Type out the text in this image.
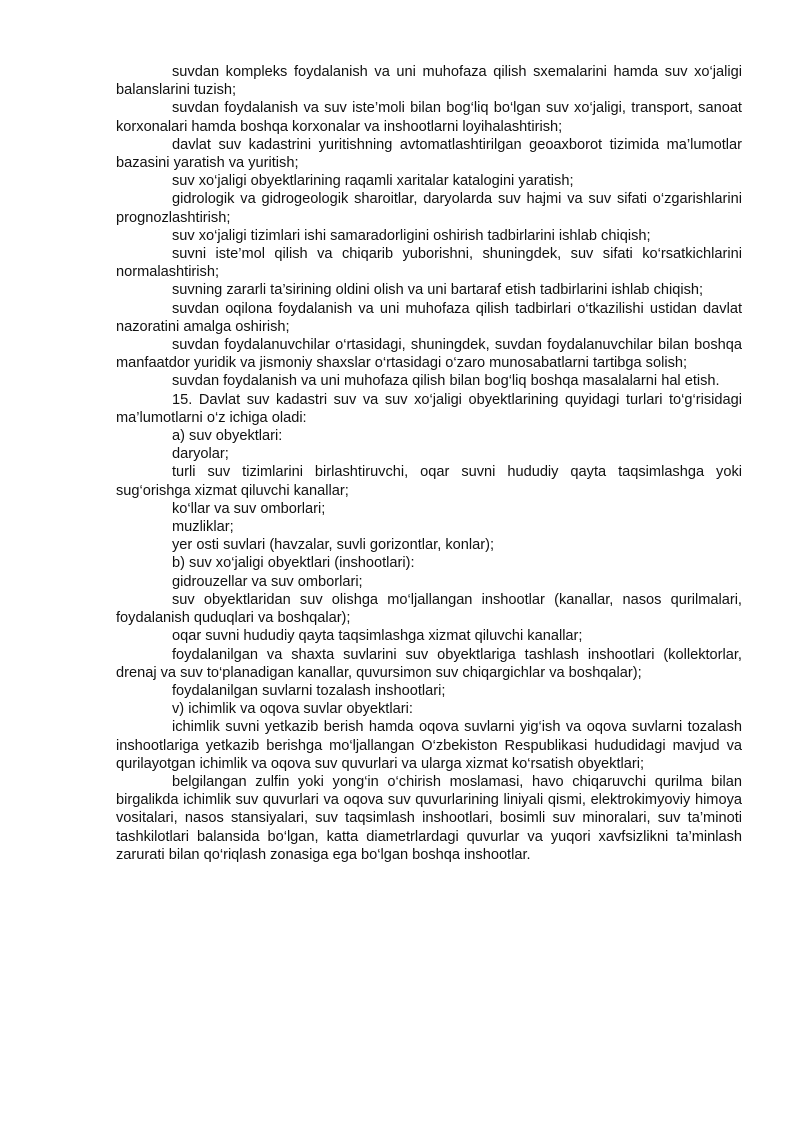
suvdan kompleks foydalanish va uni muhofaza qilish sxemalarini hamda suv xo‘jaligi balanslarini tuzish;

suvdan foydalanish va suv iste’moli bilan bog‘liq bo‘lgan suv xo‘jaligi, transport, sanoat korxonalari hamda boshqa korxonalar va inshootlarni loyihalashtirish;

davlat suv kadastrini yuritishning avtomatlashtirilgan geoaxborot tizimida ma’lumotlar bazasini yaratish va yuritish;

suv xo‘jaligi obyektlarining raqamli xaritalar katalogini yaratish;

gidrologik va gidrogeologik sharoitlar, daryolarda suv hajmi va suv sifati o‘zgarishlarini prognozlashtirish;

suv xo‘jaligi tizimlari ishi samaradorligini oshirish tadbirlarini ishlab chiqish;

suvni iste’mol qilish va chiqarib yuborishni, shuningdek, suv sifati ko‘rsatkichlarini normalashtirish;

suvning zararli ta’sirining oldini olish va uni bartaraf etish tadbirlarini ishlab chiqish;

suvdan oqilona foydalanish va uni muhofaza qilish tadbirlari o‘tkazilishi ustidan davlat nazoratini amalga oshirish;

suvdan foydalanuvchilar o‘rtasidagi, shuningdek, suvdan foydalanuvchilar bilan boshqa manfaatdor yuridik va jismoniy shaxslar o‘rtasidagi o‘zaro munosabatlarni tartibga solish;

suvdan foydalanish va uni muhofaza qilish bilan bog‘liq boshqa masalalarni hal etish.

15. Davlat suv kadastri suv va suv xo‘jaligi obyektlarining quyidagi turlari to‘g‘risidagi ma’lumotlarni o‘z ichiga oladi:

a) suv obyektlari:

daryolar;

turli suv tizimlarini birlashtiruvchi, oqar suvni hududiy qayta taqsimlashga yoki sug‘orishga xizmat qiluvchi kanallar;

ko‘llar va suv omborlari;

muzliklar;

yer osti suvlari (havzalar, suvli gorizontlar, konlar);

b) suv xo‘jaligi obyektlari (inshootlari):

gidrouzellar va suv omborlari;

suv obyektlaridan suv olishga mo‘ljallangan inshootlar (kanallar, nasos qurilmalari, foydalanish quduqlari va boshqalar);

oqar suvni hududiy qayta taqsimlashga xizmat qiluvchi kanallar;

foydalanilgan va shaxta suvlarini suv obyektlariga tashlash inshootlari (kollektorlar, drenaj va suv to‘planadigan kanallar, quvursimon suv chiqargichlar va boshqalar);

foydalanilgan suvlarni tozalash inshootlari;

v) ichimlik va oqova suvlar obyektlari:

ichimlik suvni yetkazib berish hamda oqova suvlarni yig‘ish va oqova suvlarni tozalash inshootlariga yetkazib berishga mo‘ljallangan O‘zbekiston Respublikasi hududidagi mavjud va qurilayotgan ichimlik va oqova suv quvurlari va ularga xizmat ko‘rsatish obyektlari;

belgilangan zulfin yoki yong‘in o‘chirish moslamasi, havo chiqaruvchi qurilma bilan birgalikda ichimlik suv quvurlari va oqova suv quvurlarining liniyali qismi, elektrokimyoviy himoya vositalari, nasos stansiyalari, suv taqsimlash inshootlari, bosimli suv minoralari, suv ta’minoti tashkilotlari balansida bo‘lgan, katta diametrlardagi quvurlar va yuqori xavfsizlikni ta’minlash zarurati bilan qo‘riqlash zonasiga ega bo‘lgan boshqa inshootlar.
